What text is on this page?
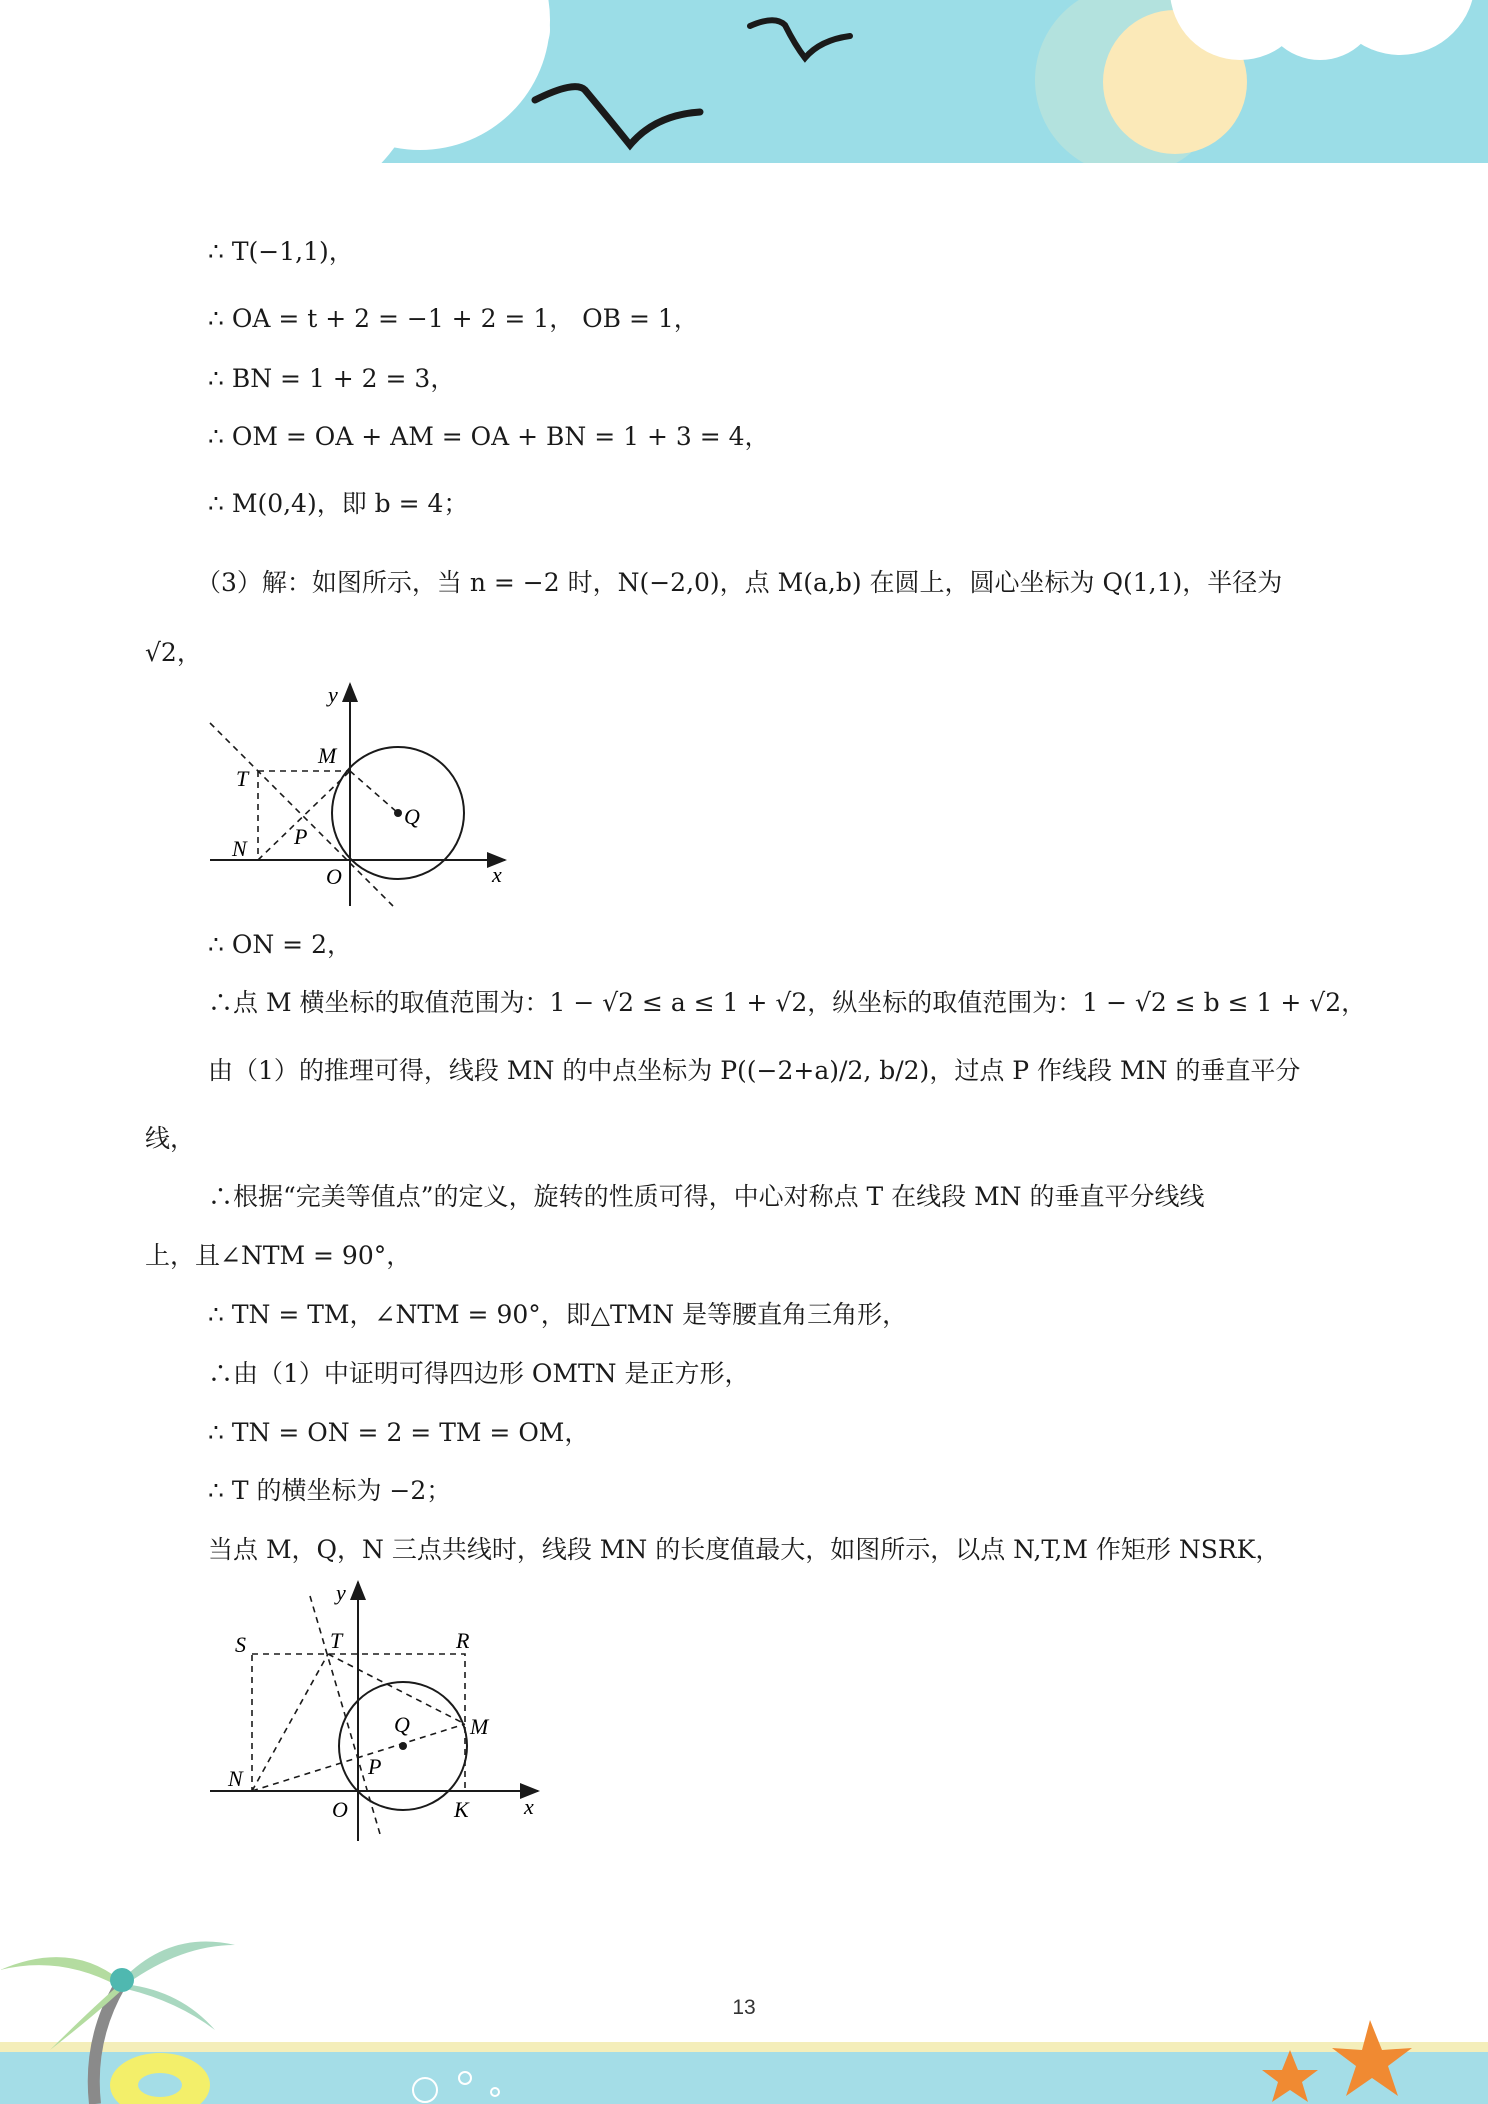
∴ T(−1,1)，
∴ OA = t + 2 = −1 + 2 = 1， OB = 1，
∴ BN = 1 + 2 = 3，
∴ OM = OA + AM = OA + BN = 1 + 3 = 4，
∴ M(0,4)，即 b = 4；
（3）解：如图所示，当 n = −2 时，N(−2,0)，点 M(a,b) 在圆上，圆心坐标为 Q(1,1)，半径为
√2，
y
M
T
Q
N P
O	x
∴ ON = 2，
∴点 M 横坐标的取值范围为：1 − √2 ≤ a ≤ 1 + √2，纵坐标的取值范围为：1 − √2 ≤ b ≤ 1 + √2，
由（1）的推理可得，线段 MN 的中点坐标为 P((−2+a)/2, b/2)，过点 P 作线段 MN 的垂直平分
线，
∴根据“完美等值点”的定义，旋转的性质可得，中心对称点 T 在线段 MN 的垂直平分线线
上，且∠NTM = 90°，
∴ TN = TM，∠NTM = 90°，即△TMN 是等腰直角三角形，
∴由（1）中证明可得四边形 OMTN 是正方形，
∴ TN = ON = 2 = TM = OM，
∴ T 的横坐标为 −2；
当点 M，Q，N 三点共线时，线段 MN 的长度值最大，如图所示，以点 N,T,M 作矩形 NSRK，
y
S	T	R
Q	M
N	P
O	K	x
13
